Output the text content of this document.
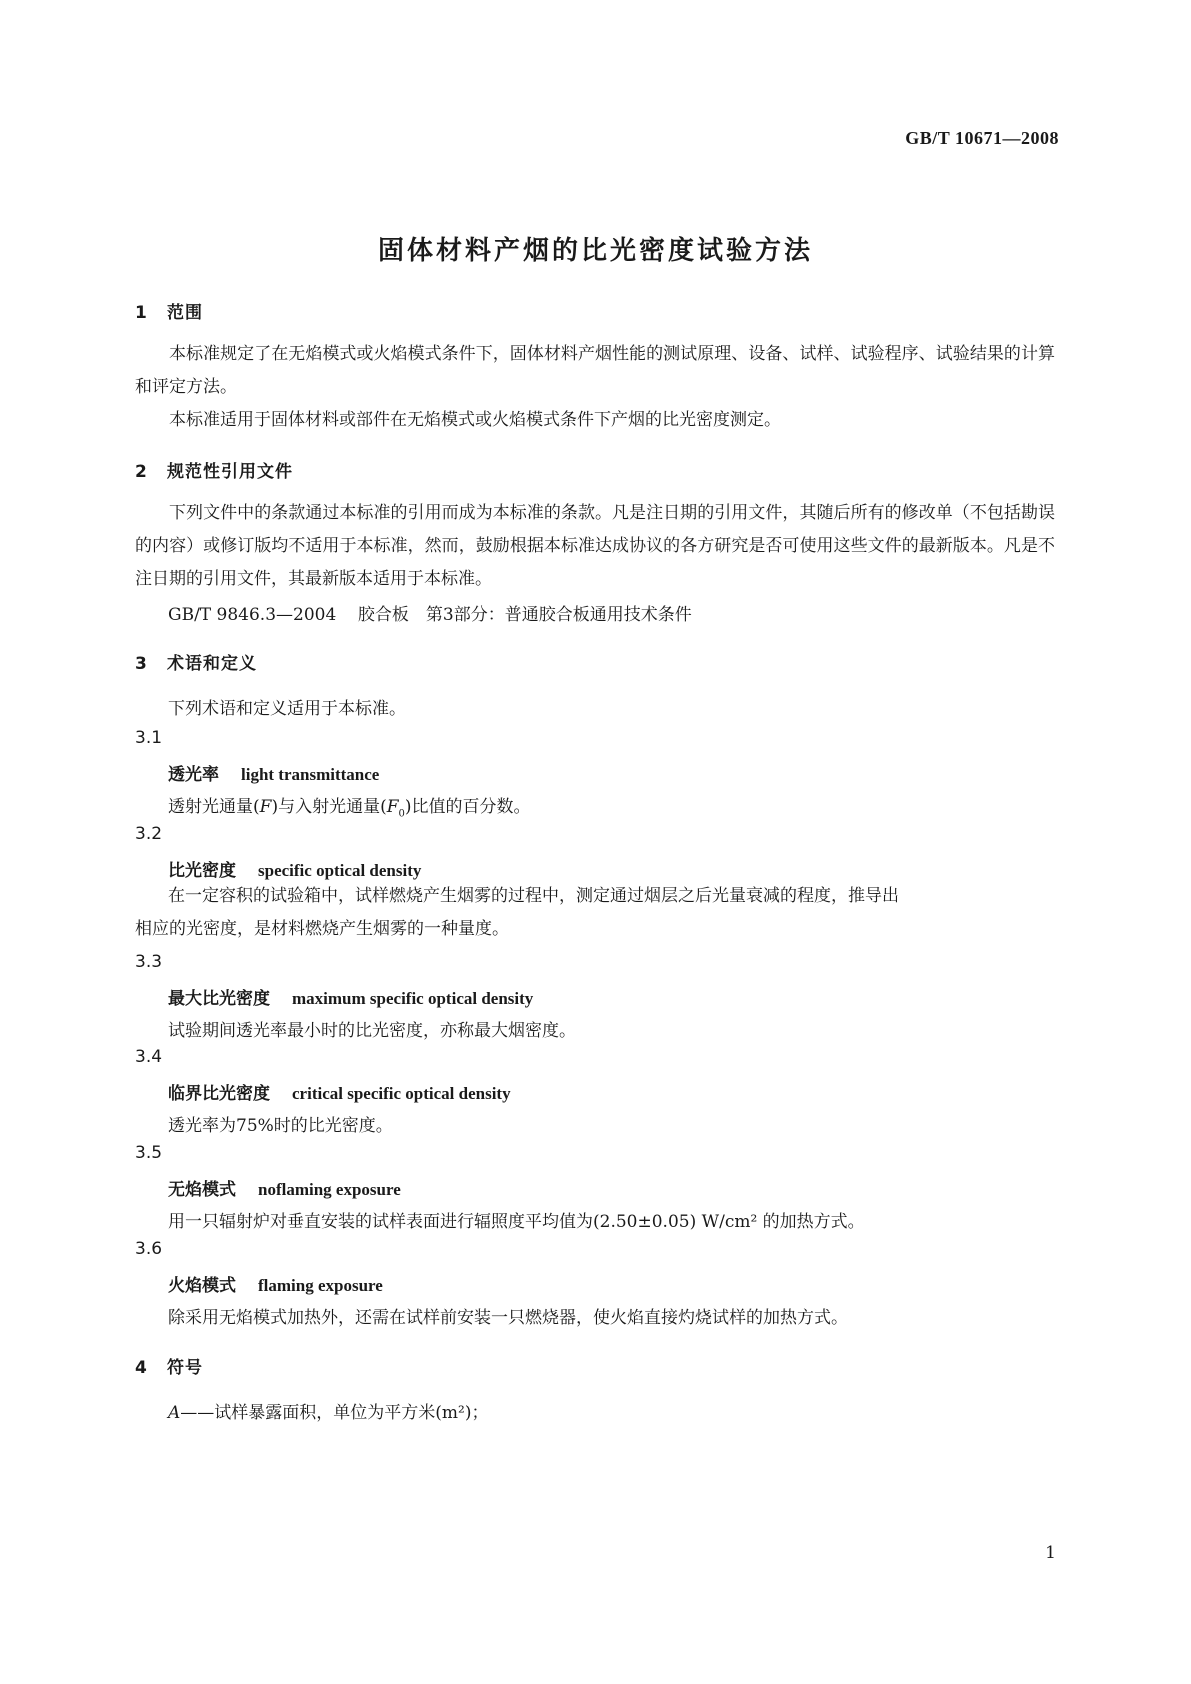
GB/T 10671—2008
固体材料产烟的比光密度试验方法
1 范围
本标准规定了在无焰模式或火焰模式条件下，固体材料产烟性能的测试原理、设备、试样、试验程序、试验结果的计算和评定方法。
本标准适用于固体材料或部件在无焰模式或火焰模式条件下产烟的比光密度测定。
2 规范性引用文件
下列文件中的条款通过本标准的引用而成为本标准的条款。凡是注日期的引用文件，其随后所有的修改单（不包括勘误的内容）或修订版均不适用于本标准，然而，鼓励根据本标准达成协议的各方研究是否可使用这些文件的最新版本。凡是不注日期的引用文件，其最新版本适用于本标准。
GB/T 9846.3—2004 胶合板　第3部分：普通胶合板通用技术条件
3 术语和定义
下列术语和定义适用于本标准。
3.1
透光率 light transmittance
透射光通量(F)与入射光通量$(F_0)$比值的百分数。
3.2
比光密度 specific optical density
在一定容积的试验箱中，试样燃烧产生烟雾的过程中，测定通过烟层之后光量衰减的程度，推导出
相应的光密度，是材料燃烧产生烟雾的一种量度。
3.3
最大比光密度 maximum specific optical density
试验期间透光率最小时的比光密度，亦称最大烟密度。
3.4
临界比光密度 critical specific optical density
透光率为75%时的比光密度。
3.5
无焰模式 noflaming exposure
用一只辐射炉对垂直安装的试样表面进行辐照度平均值为(2.50±0.05) W/cm² 的加热方式。
3.6
火焰模式 flaming exposure
除采用无焰模式加热外，还需在试样前安装一只燃烧器，使火焰直接灼烧试样的加热方式。
4 符号
A——试样暴露面积，单位为平方米(m²)；
1
